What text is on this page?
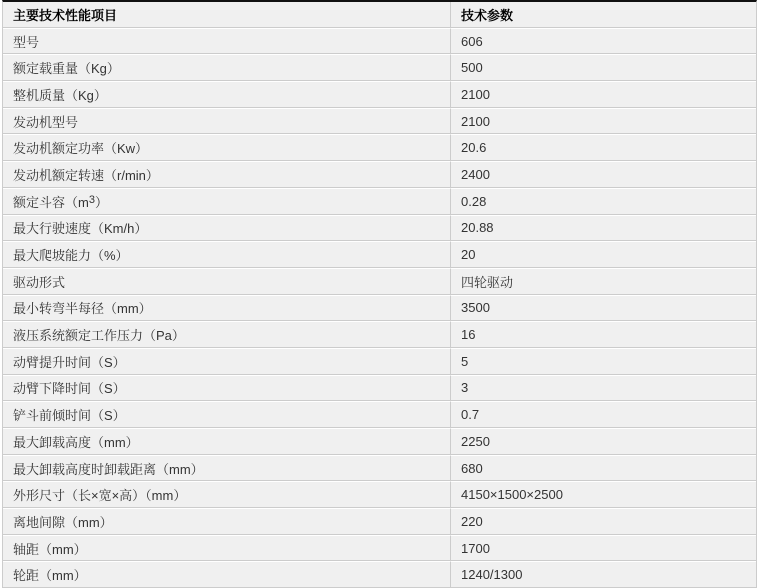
主要技术性能项目	技术参数
型号	606
额定载重量（Kg）	500
整机质量（Kg）	2100
发动机型号	2100
发动机额定功率（Kw）	20.6
发动机额定转速（r/min）	2400
额定斗容$(m^3)$	0.28
最大行驶速度（Km/h）	20.88
最大爬坡能力（%）	20
驱动形式	四轮驱动
最小转弯半每径（mm）	3500
液压系统额定工作压力（Pa）	16
动臂提升时间（S）	5
动臂下降时间（S）	3
铲斗前倾时间（S）	0.7
最大卸载高度（mm）	2250
最大卸载高度时卸载距离（mm）	680
外形尺寸（长×宽×高）（mm）	4150×1500×2500
离地间隙（mm）	220
轴距（mm）	1700
轮距（mm）	1240/1300
